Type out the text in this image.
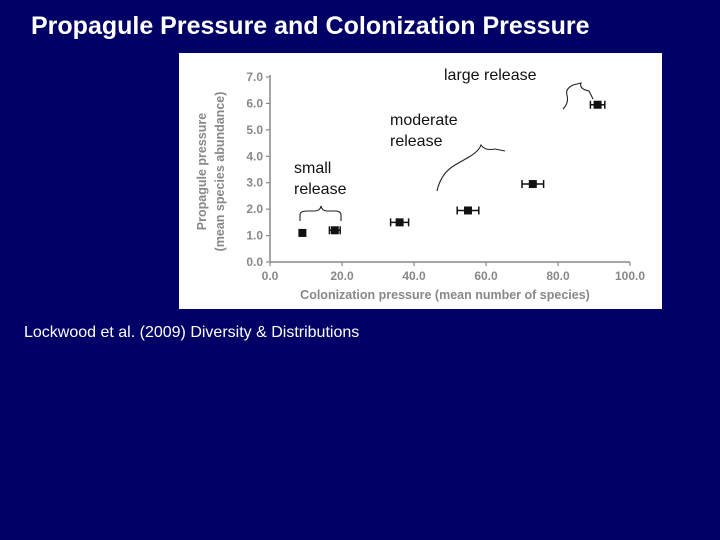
Propagule Pressure and Colonization Pressure
0.0
1.0
2.0
3.0
4.0
5.0
6.0
7.0
0.0	20.0	40.0	60.0	80.0	100.0
Colonization pressure (mean number of species)
Propagule pressure (mean species abundance)	small
release
moderate
release
large release
Lockwood et al. (2009) Diversity & Distributions
